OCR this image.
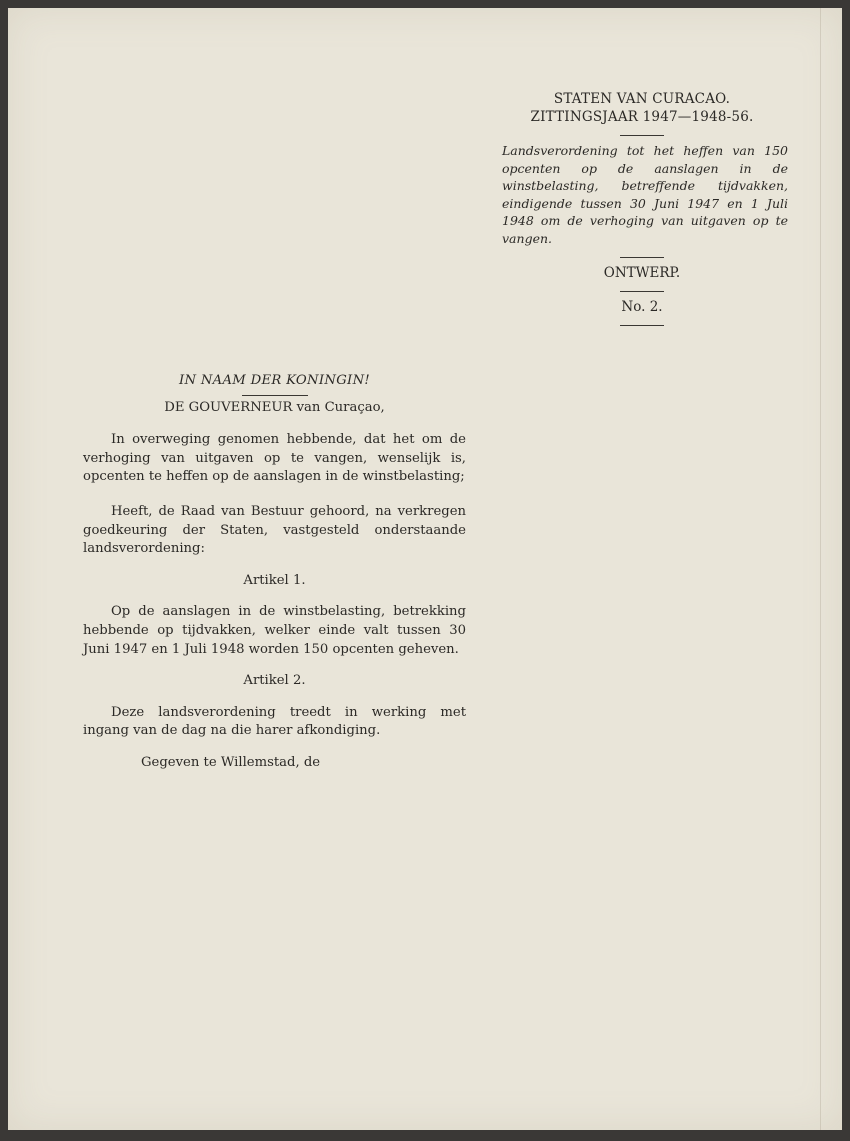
STATEN VAN CURACAO.
ZITTINGSJAAR 1947—1948-56.
Landsverordening tot het heffen van 150 opcenten op de aanslagen in de winstbelasting, betreffende tijdvakken, eindigende tussen 30 Juni 1947 en 1 Juli 1948 om de verhoging van uitgaven op te vangen.
ONTWERP.
No. 2.
IN NAAM DER KONINGIN!
DE GOUVERNEUR van Curaçao,

In overweging genomen hebbende, dat het om de verhoging van uitgaven op te vangen, wenselijk is, opcenten te heffen op de aanslagen in de winstbelasting;

Heeft, de Raad van Bestuur gehoord, na verkregen goedkeuring der Staten, vastgesteld onderstaande landsverordening:

Artikel 1.

Op de aanslagen in de winstbelasting, betrekking hebbende op tijdvakken, welker einde valt tussen 30 Juni 1947 en 1 Juli 1948 worden 150 opcenten geheven.

Artikel 2.

Deze landsverordening treedt in werking met ingang van de dag na die harer afkondiging.

Gegeven te Willemstad, de
